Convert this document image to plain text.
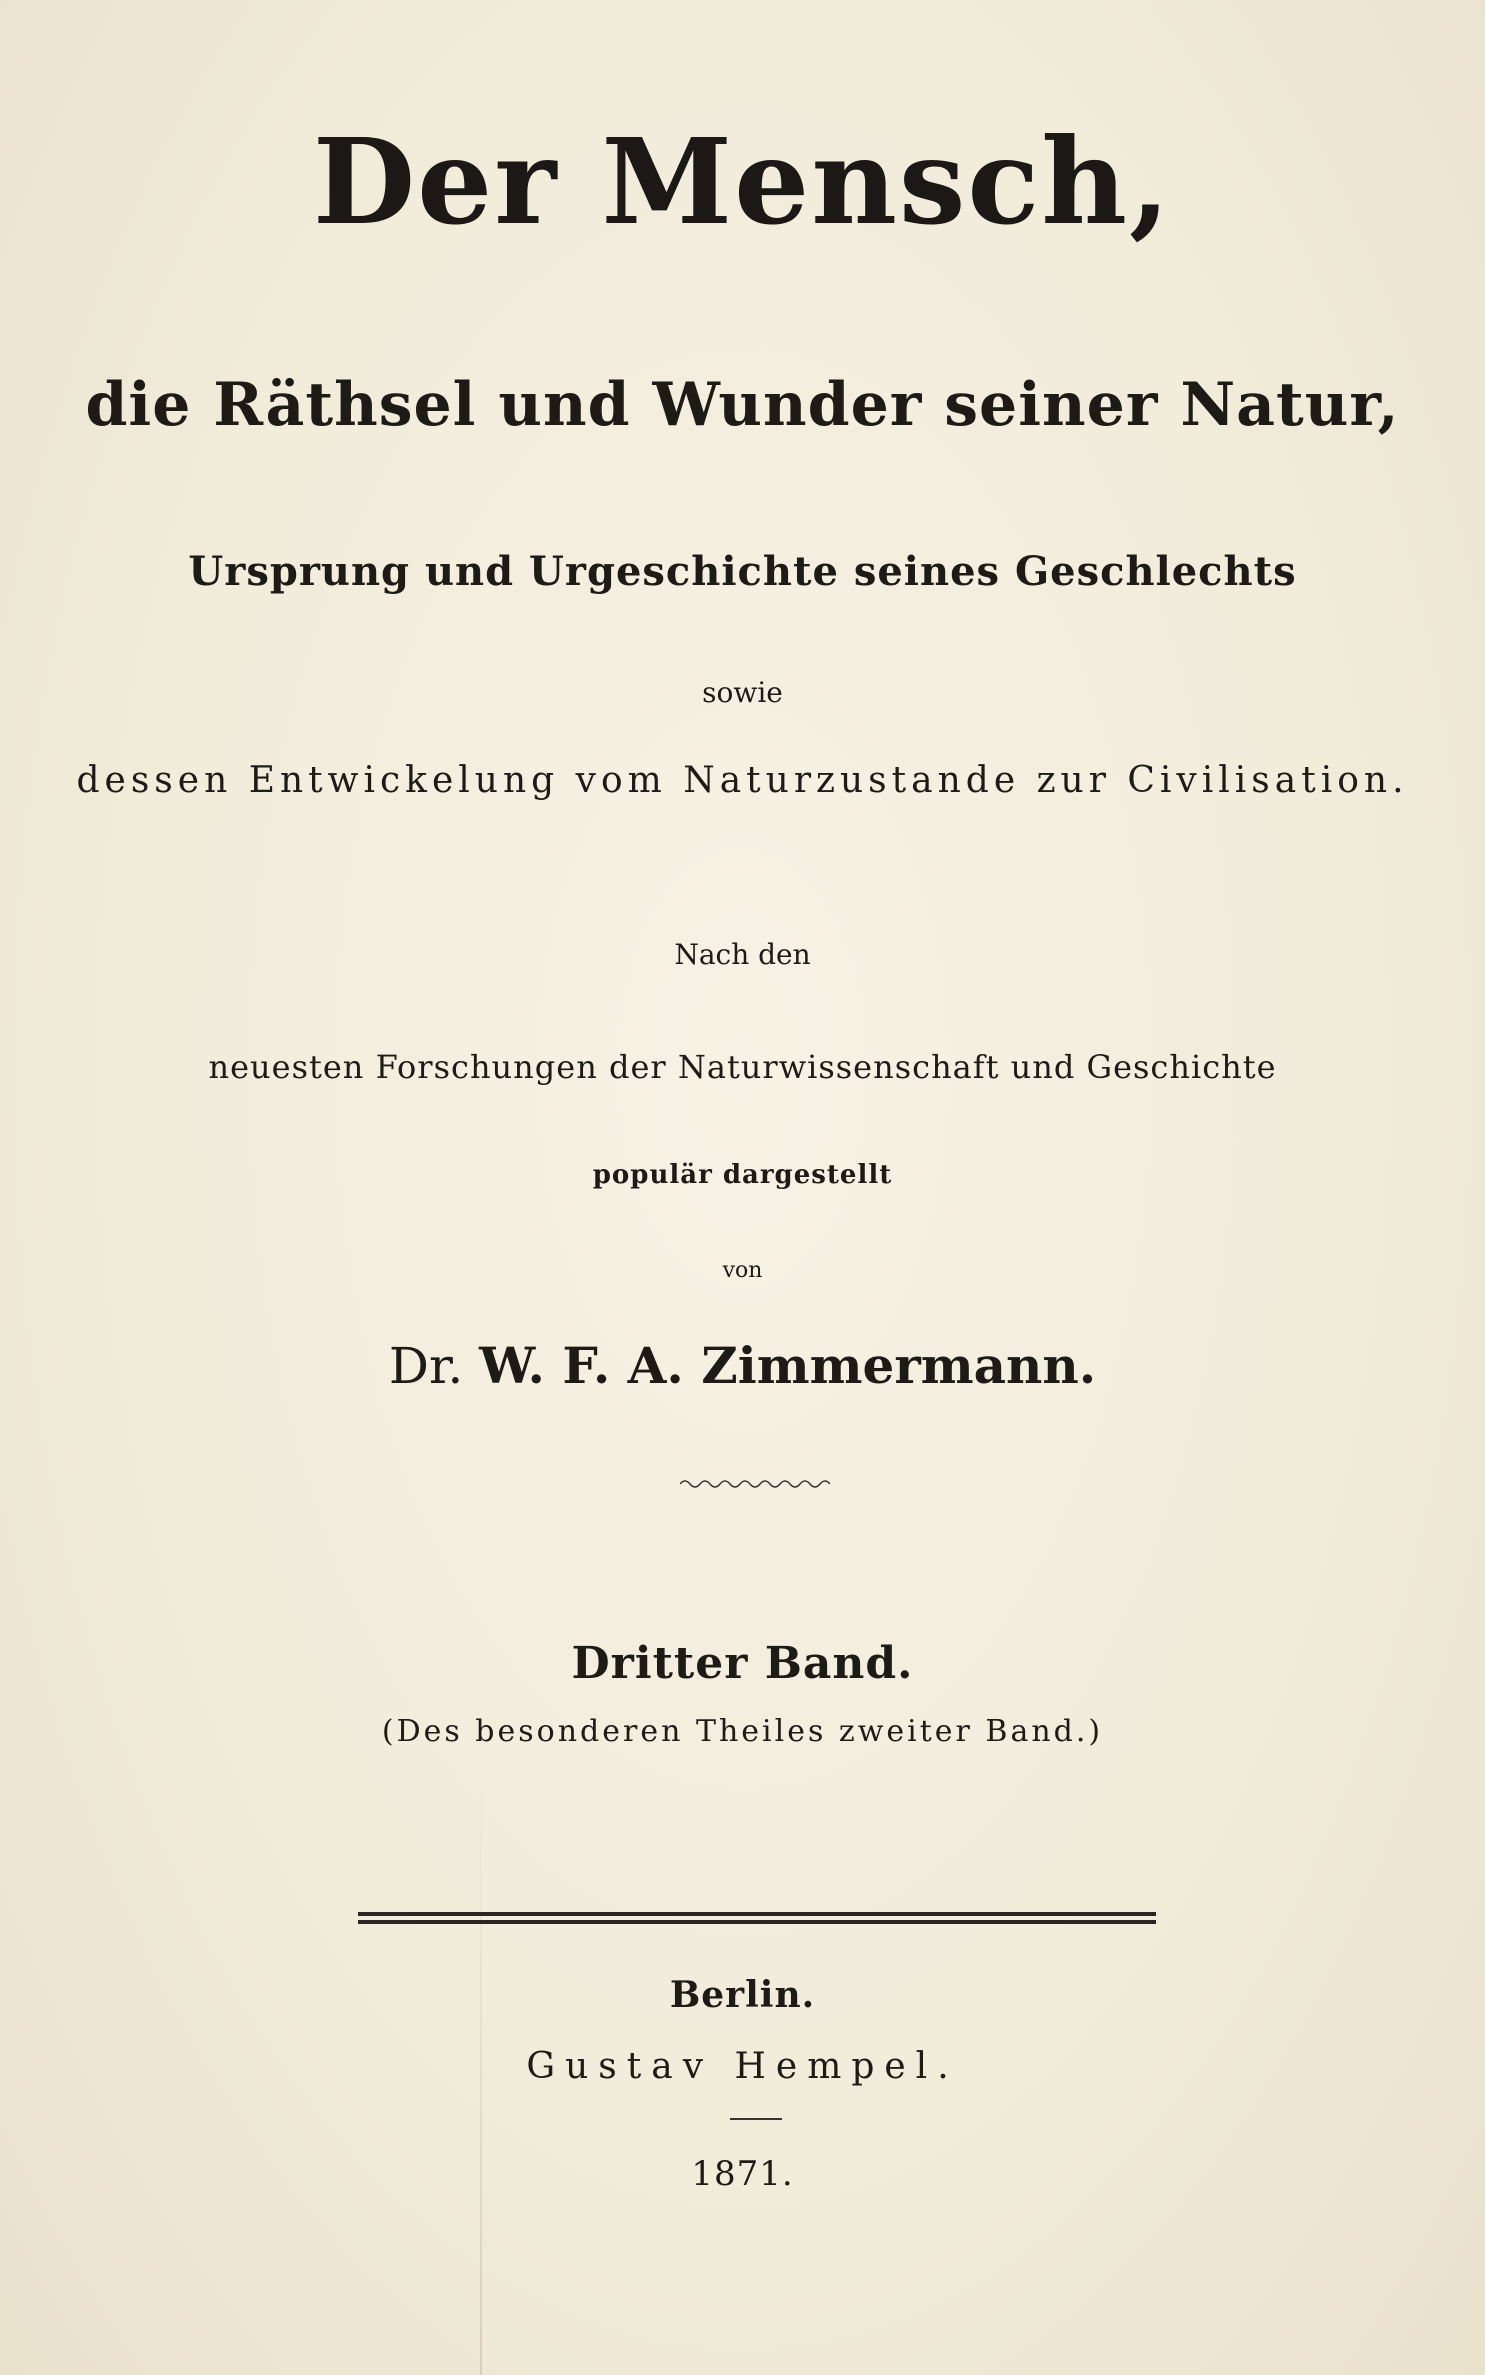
Der Mensch,
die Räthsel und Wunder seiner Natur,
Ursprung und Urgeschichte seines Geschlechts
sowie
dessen Entwickelung vom Naturzustande zur Civilisation.
Nach den
neuesten Forschungen der Naturwissenschaft und Geschichte
populär dargestellt
von
Dr. W. F. A. Zimmermann.
Dritter Band.
(Des besonderen Theiles zweiter Band.)
Berlin.
Gustav Hempel.
1871.
